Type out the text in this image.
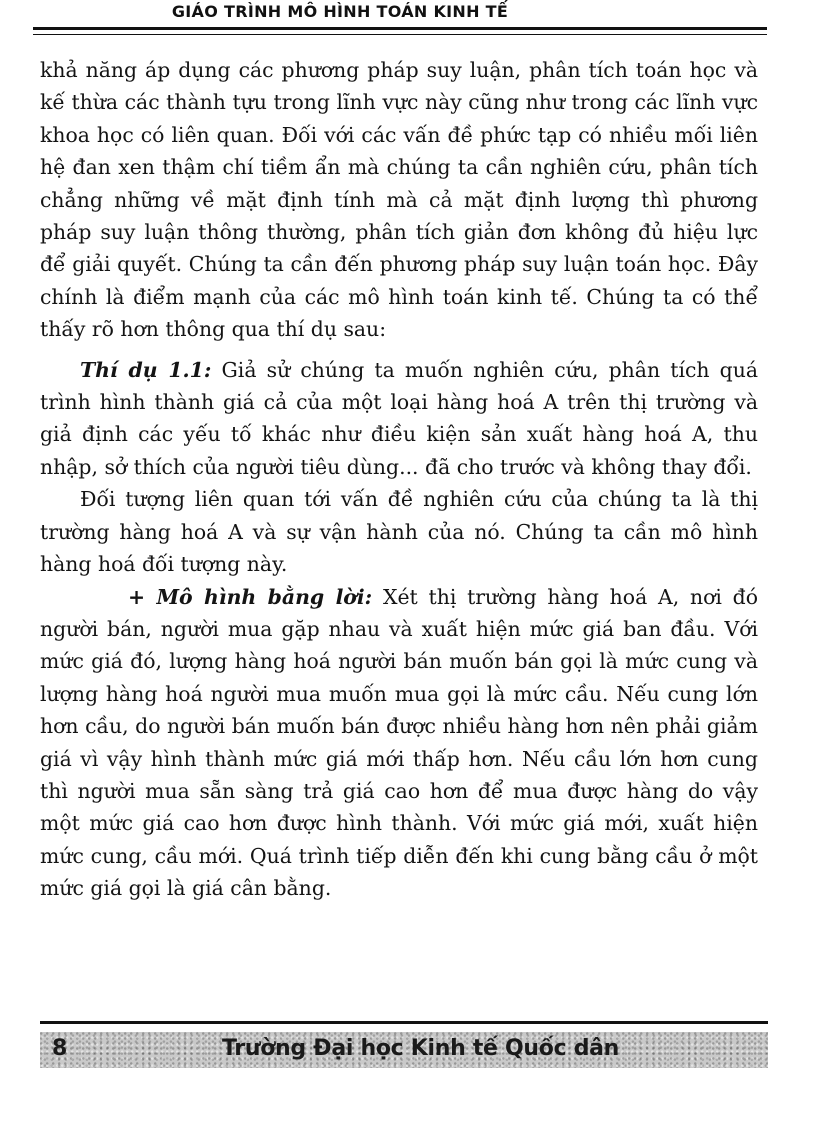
GIÁO TRÌNH MÔ HÌNH TOÁN KINH TẾ

khả năng áp dụng các phương pháp suy luận, phân tích toán học và kế thừa các thành tựu trong lĩnh vực này cũng như trong các lĩnh vực khoa học có liên quan. Đối với các vấn đề phức tạp có nhiều mối liên hệ đan xen thậm chí tiềm ẩn mà chúng ta cần nghiên cứu, phân tích chẳng những về mặt định tính mà cả mặt định lượng thì phương pháp suy luận thông thường, phân tích giản đơn không đủ hiệu lực để giải quyết. Chúng ta cần đến phương pháp suy luận toán học. Đây chính là điểm mạnh của các mô hình toán kinh tế. Chúng ta có thể thấy rõ hơn thông qua thí dụ sau:

Thí dụ 1.1: Giả sử chúng ta muốn nghiên cứu, phân tích quá trình hình thành giá cả của một loại hàng hoá A trên thị trường và giả định các yếu tố khác như điều kiện sản xuất hàng hoá A, thu nhập, sở thích của người tiêu dùng... đã cho trước và không thay đổi.

Đối tượng liên quan tới vấn đề nghiên cứu của chúng ta là thị trường hàng hoá A và sự vận hành của nó. Chúng ta cần mô hình hàng hoá đối tượng này.

+ Mô hình bằng lời: Xét thị trường hàng hoá A, nơi đó người bán, người mua gặp nhau và xuất hiện mức giá ban đầu. Với mức giá đó, lượng hàng hoá người bán muốn bán gọi là mức cung và lượng hàng hoá người mua muốn mua gọi là mức cầu. Nếu cung lớn hơn cầu, do người bán muốn bán được nhiều hàng hơn nên phải giảm giá vì vậy hình thành mức giá mới thấp hơn. Nếu cầu lớn hơn cung thì người mua sẵn sàng trả giá cao hơn để mua được hàng do vậy một mức giá cao hơn được hình thành. Với mức giá mới, xuất hiện mức cung, cầu mới. Quá trình tiếp diễn đến khi cung bằng cầu ở một mức giá gọi là giá cân bằng.

8	Trường Đại học Kinh tế Quốc dân
